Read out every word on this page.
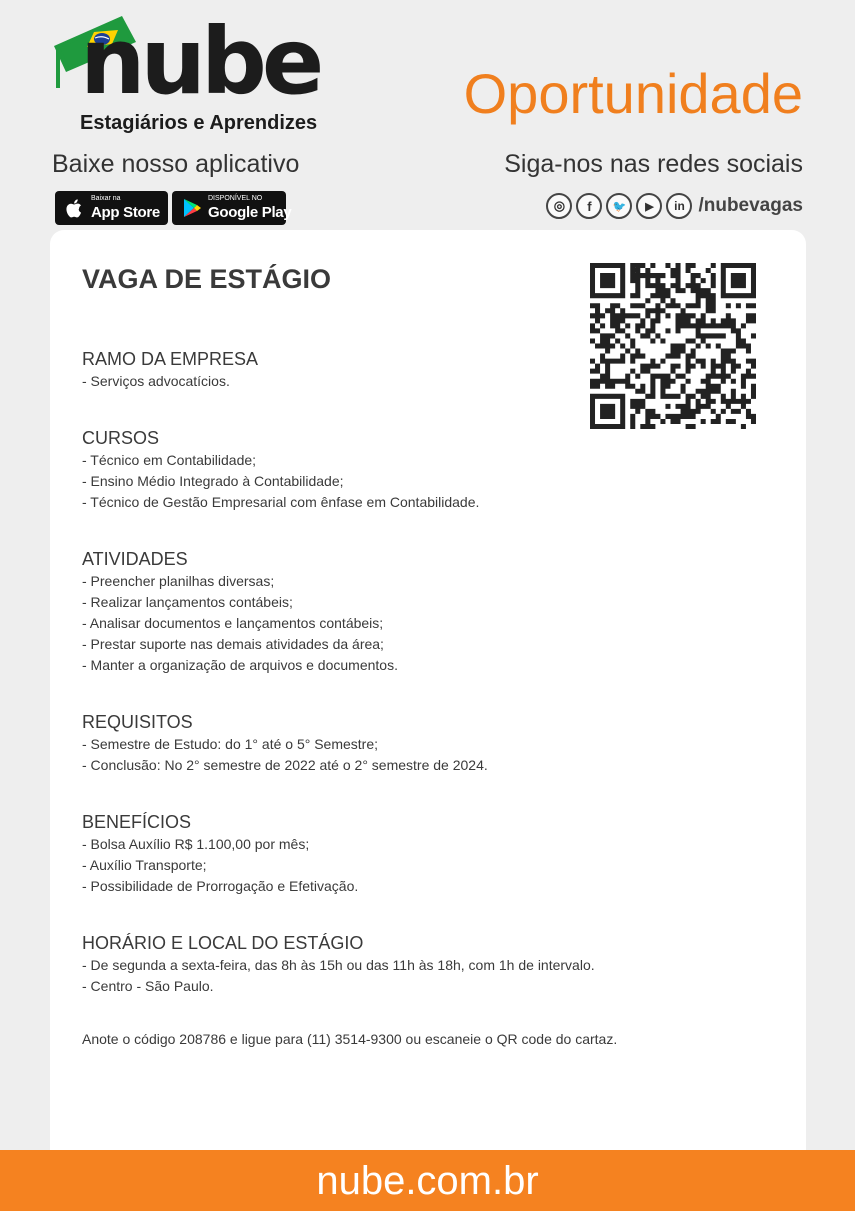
nube
Estagiários e Aprendizes	Oportunidade
Baixe nosso aplicativo	Siga-nos nas redes sociais
Baixar na
App Store
DISPONÍVEL NO
Google Play	◎	f	🐦	▶	in /nubevagas
VAGA DE ESTÁGIO
RAMO DA EMPRESA
- Serviços advocatícios.
CURSOS
- Técnico em Contabilidade;
- Ensino Médio Integrado à Contabilidade;
- Técnico de Gestão Empresarial com ênfase em Contabilidade.
ATIVIDADES
- Preencher planilhas diversas;
- Realizar lançamentos contábeis;
- Analisar documentos e lançamentos contábeis;
- Prestar suporte nas demais atividades da área;
- Manter a organização de arquivos e documentos.
REQUISITOS
- Semestre de Estudo: do 1° até o 5° Semestre;
- Conclusão: No 2° semestre de 2022 até o 2° semestre de 2024.
BENEFÍCIOS
- Bolsa Auxílio R$ 1.100,00 por mês;
- Auxílio Transporte;
- Possibilidade de Prorrogação e Efetivação.
HORÁRIO E LOCAL DO ESTÁGIO
- De segunda a sexta-feira, das 8h às 15h ou das 11h às 18h, com 1h de intervalo.
- Centro - São Paulo.
Anote o código 208786 e ligue para (11) 3514-9300 ou escaneie o QR code do cartaz.
nube.com.br
